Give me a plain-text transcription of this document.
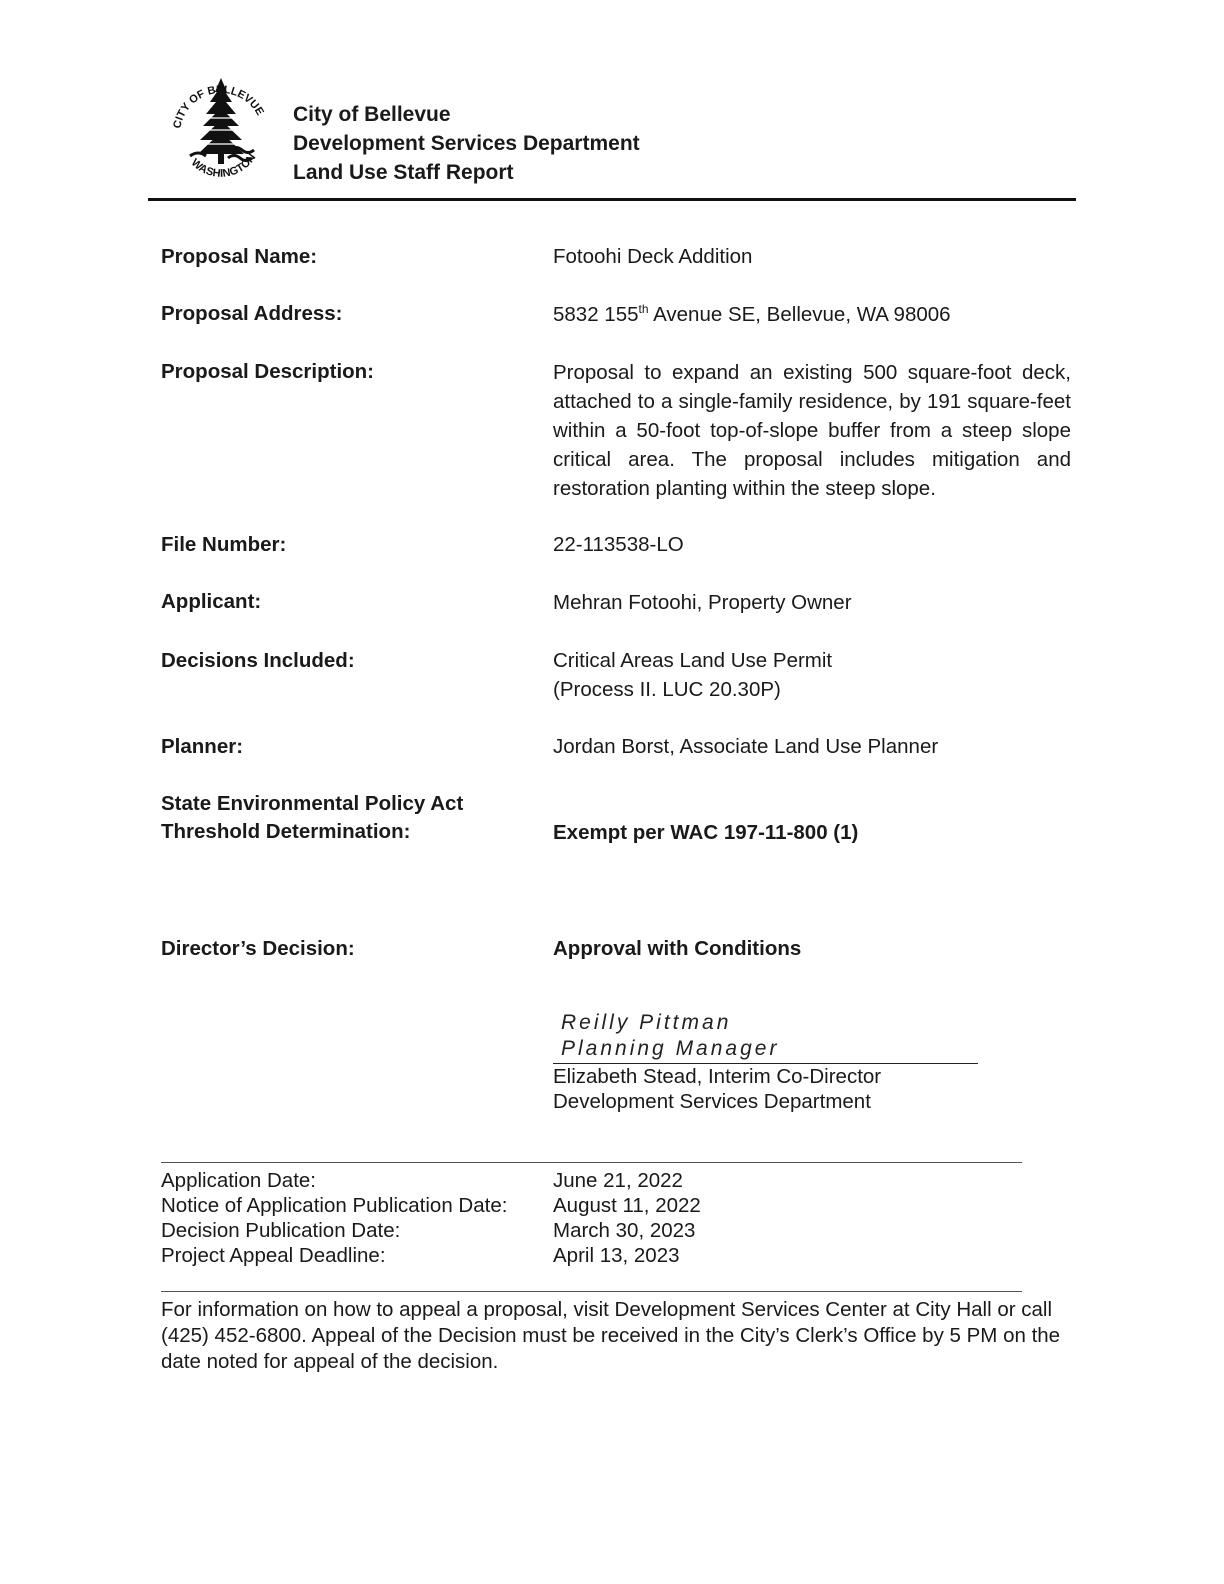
CITY OF BELLEVUE
WASHINGTON
City of Bellevue
Development Services Department
Land Use Staff Report
Proposal Name:	Fotoohi Deck Addition
Proposal Address:	5832 155th Avenue SE, Bellevue, WA 98006
Proposal Description:	Proposal to expand an existing 500 square-foot deck, attached to a single-family residence, by 191 square-feet within a 50-foot top-of-slope buffer from a steep slope critical area. The proposal includes mitigation and restoration planting within the steep slope.
File Number:	22-113538-LO
Applicant:	Mehran Fotoohi, Property Owner
Decisions Included:	Critical Areas Land Use Permit
(Process II. LUC 20.30P)
Planner:	Jordan Borst, Associate Land Use Planner
State Environmental Policy Act
Threshold Determination:	Exempt per WAC 197-11-800 (1)
Director’s Decision:	Approval with Conditions
Reilly Pittman
Planning Manager
Elizabeth Stead, Interim Co-Director
Development Services Department
Application Date:	June 21, 2022
Notice of Application Publication Date:	August 11, 2022
Decision Publication Date:	March 30, 2023
Project Appeal Deadline:	April 13, 2023
For information on how to appeal a proposal, visit Development Services Center at City Hall or call (425) 452-6800. Appeal of the Decision must be received in the City’s Clerk’s Office by 5 PM on the date noted for appeal of the decision.
